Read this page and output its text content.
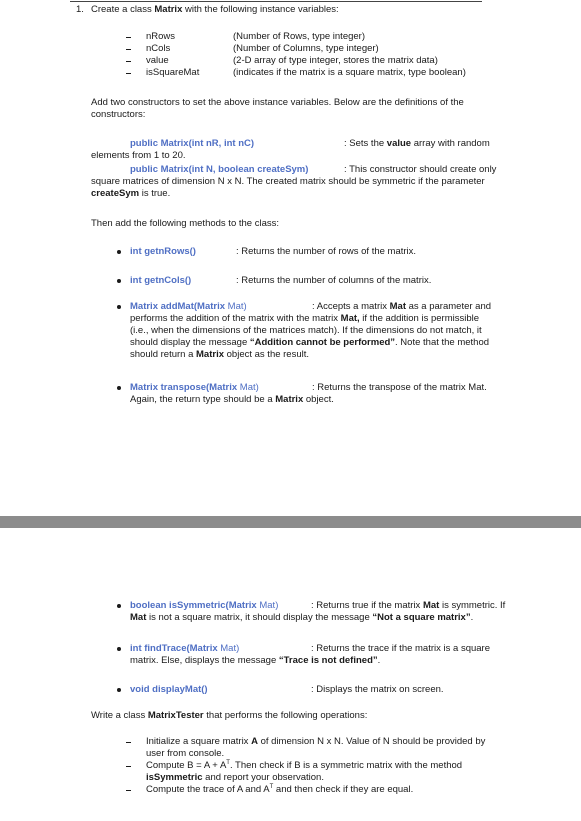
1. Create a class Matrix with the following instance variables:
nRows	(Number of Rows, type integer)
nCols	(Number of Columns, type integer)
value	(2-D array of type integer, stores the matrix data)
isSquareMat	(indicates if the matrix is a square matrix, type boolean)
Add two constructors to set the above instance variables. Below are the definitions of the
constructors:
public Matrix(int nR, int nC)	: Sets the value array with random
elements from 1 to 20.
public Matrix(int N, boolean createSym)	: This constructor should create only
square matrices of dimension N x N. The created matrix should be symmetric if the parameter
createSym is true.
Then add the following methods to the class:
int getnRows()	: Returns the number of rows of the matrix.
int getnCols()	: Returns the number of columns of the matrix.
Matrix addMat(Matrix Mat)	: Accepts a matrix Mat as a parameter and
performs the addition of the matrix with the matrix Mat, if the addition is permissible
(i.e., when the dimensions of the matrices match). If the dimensions do not match, it
should display the message “Addition cannot be performed”. Note that the method
should return a Matrix object as the result.
Matrix transpose(Matrix Mat)	: Returns the transpose of the matrix Mat.
Again, the return type should be a Matrix object.
boolean isSymmetric(Matrix Mat)	: Returns true if the matrix Mat is symmetric. If
Mat is not a square matrix, it should display the message “Not a square matrix”.
int findTrace(Matrix Mat)	: Returns the trace if the matrix is a square
matrix. Else, displays the message “Trace is not defined”.
void displayMat()	: Displays the matrix on screen.
Write a class MatrixTester that performs the following operations:
Initialize a square matrix A of dimension N x N. Value of N should be provided by
user from console.
Compute $B = A + A^T$. Then check if B is a symmetric matrix with the method
isSymmetric and report your observation.
Compute the trace of A and $A^T$ and then check if they are equal.
